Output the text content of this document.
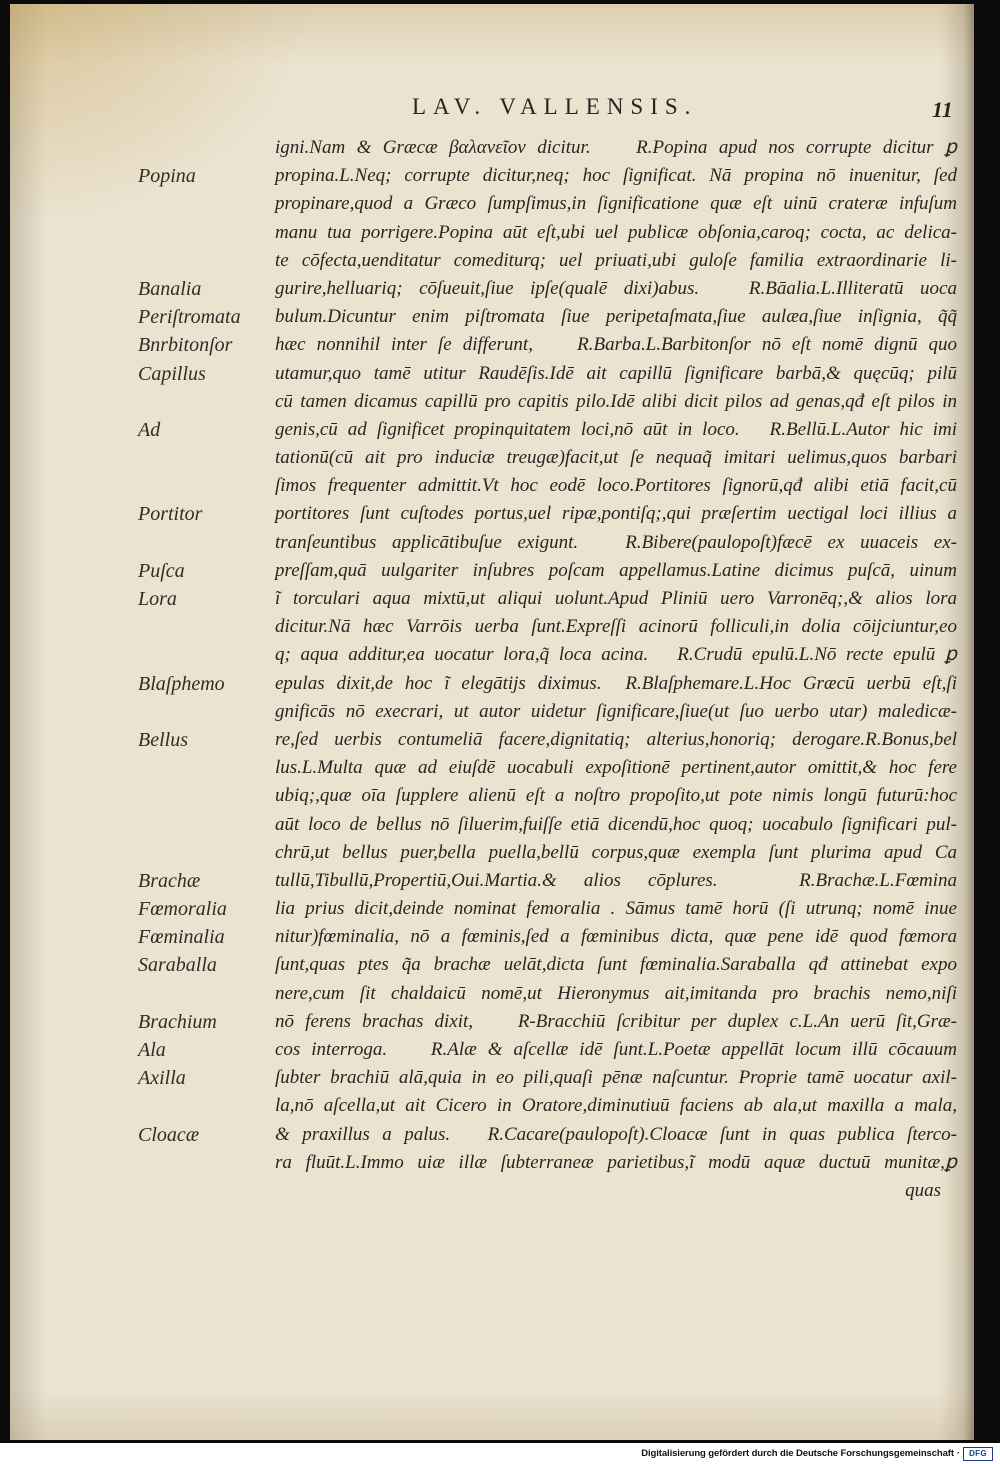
LAV. VALLENSIS.	11
igni.Nam & Græcæ βαλανεῖον dicitur.    R.Popina apud nos corrupte dicitur ꝑ
Popina	propina.L.Neq; corrupte dicitur,neq; hoc ſignificat. Nā propina nō inuenitur, ſed
propinare,quod a Græco ſumpſimus,in ſignificatione quæ eſt uinū crateræ infuſum
manu tua porrigere.Popina aūt eſt,ubi uel publicæ obſonia,caroq; cocta, ac delica-
te cōfecta,uenditatur comediturq; uel priuati,ubi guloſe familia extraordinarie li-
Banalia	gurire,helluariq; cōſueuit,ſiue ipſe(qualē dixi)abus.   R.Bāalia.L.Illiteratū uoca
Periſtromata	bulum.Dicuntur enim piſtromata ſiue peripetaſmata,ſiue aulæa,ſiue inſignia, q̃q̃
Bnrbitonſor	hæc nonnihil inter ſe differunt,    R.Barba.L.Barbitonſor nō eſt nomē dignū quo
Capillus	utamur,quo tamē utitur Raudēſis.Idē ait capillū ſignificare barbā,& quęcūq; pilū
cū tamen dicamus capillū pro capitis pilo.Idē alibi dicit pilos ad genas,qđ eſt pilos in
Ad	genis,cū ad ſignificet propinquitatem loci,nō aūt in loco.   R.Bellū.L.Autor hic imi
tationū(cū ait pro induciæ treugæ)facit,ut ſe nequaq̃ imitari uelimus,quos barbari
ſimos frequenter admittit.Vt hoc eodē loco.Portitores ſignorū,qđ alibi etiā facit,cū
Portitor	portitores ſunt cuſtodes portus,uel ripæ,pontiſq;,qui præſertim uectigal loci illius a
tranſeuntibus applicātibuſue exigunt.   R.Bibere(paulopoſt)fæcē ex uuaceis ex-
Puſca	preſſam,quā uulgariter inſubres poſcam appellamus.Latine dicimus puſcā, uinum
Lora	ĩ torculari aqua mixtū,ut aliqui uolunt.Apud Pliniū uero Varronēq;,& alios lora
dicitur.Nā hæc Varrōis uerba ſunt.Expreſſi acinorū folliculi,in dolia cōijciuntur,eo
q; aqua additur,ea uocatur lora,q̃ loca acina.   R.Crudū epulū.L.Nō recte epulū ꝑ
Blaſphemo	epulas dixit,de hoc ĩ elegātijs diximus.  R.Blaſphemare.L.Hoc Græcū uerbū eſt,ſi
gnificās nō execrari, ut autor uidetur ſignificare,ſiue(ut ſuo uerbo utar) maledicæ-
Bellus	re,ſed uerbis contumeliā facere,dignitatiq; alterius,honoriq; derogare.R.Bonus,bel
lus.L.Multa quæ ad eiuſdē uocabuli expoſitionē pertinent,autor omittit,& hoc fere
ubiq;,quæ oīa ſupplere alienū eſt a noſtro propoſito,ut pote nimis longū futurū:hoc
aūt loco de bellus nō ſiluerim,fuiſſe etiā dicendū,hoc quoq; uocabulo ſignificari pul-
chrū,ut bellus puer,bella puella,bellū corpus,quæ exempla ſunt plurima apud Ca
Brachæ	tullū,Tibullū,Propertiū,Oui.Martia.& alios cōplures.   R.Brachæ.L.Fœmina
Fœmoralia	lia prius dicit,deinde nominat femoralia . Sāmus tamē horū (ſi utrunq; nomē inue
Fœminalia	nitur)fœminalia, nō a fœminis,ſed a fœminibus dicta, quæ pene idē quod fœmora
Saraballa	ſunt,quas ptes q̃a brachæ uelāt,dicta ſunt fœminalia.Saraballa qđ attinebat expo
nere,cum ſit chaldaicū nomē,ut Hieronymus ait,imitanda pro brachis nemo,niſi
Brachium	nō ferens brachas dixit,    R-Bracchiū ſcribitur per duplex c.L.An uerū ſit,Græ-
Ala	cos interroga.    R.Alæ & aſcellæ idē ſunt.L.Poetæ appellāt locum illū cōcauum
Axilla	ſubter brachiū alā,quia in eo pili,quaſi pēnæ naſcuntur. Proprie tamē uocatur axil-
la,nō aſcella,ut ait Cicero in Oratore,diminutiuū faciens ab ala,ut maxilla a mala,
Cloacæ	& praxillus a palus.   R.Cacare(paulopoſt).Cloacæ ſunt in quas publica ſterco-
ra fluūt.L.Immo uiæ illæ ſubterraneæ parietibus,ĩ modū aquæ ductuū munitæ,ꝑ
quas
Digitalisierung gefördert durch die Deutsche Forschungsgemeinschaft · DFG
